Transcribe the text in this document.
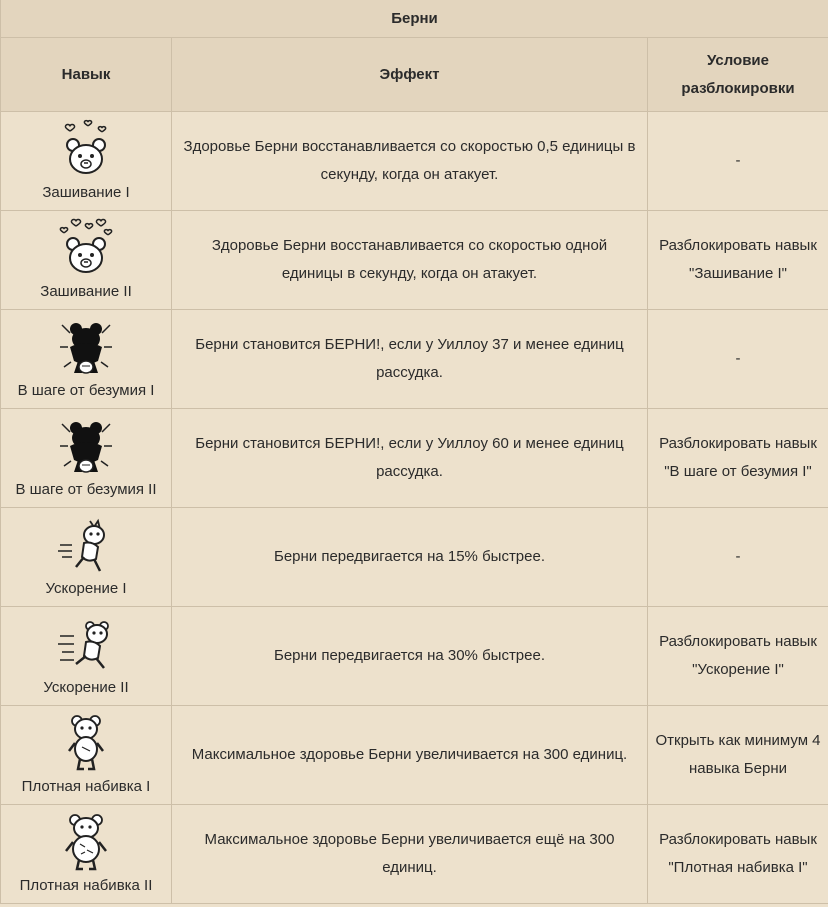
Берни		
Навык	Эффект	Условие разблокировки

Зашивание I	Здоровье Берни восстанавливается со скоростью 0,5 единицы в секунду, когда он атакует.	-

Зашивание II	Здоровье Берни восстанавливается со скоростью одной единицы в секунду, когда он атакует.	Разблокировать навык "Зашивание I"

В шаге от безумия I	Берни становится БЕРНИ!, если у Уиллоу 37 и менее единиц рассудка.	-

В шаге от безумия II	Берни становится БЕРНИ!, если у Уиллоу 60 и менее единиц рассудка.	Разблокировать навык "В шаге от безумия I"

Ускорение I	Берни передвигается на 15% быстрее.	-

Ускорение II	Берни передвигается на 30% быстрее.	Разблокировать навык "Ускорение I"

Плотная набивка I	Максимальное здоровье Берни увеличивается на 300 единиц.	Открыть как минимум 4 навыка Берни

Плотная набивка II	Максимальное здоровье Берни увеличивается ещё на 300 единиц.	Разблокировать навык "Плотная набивка I"
